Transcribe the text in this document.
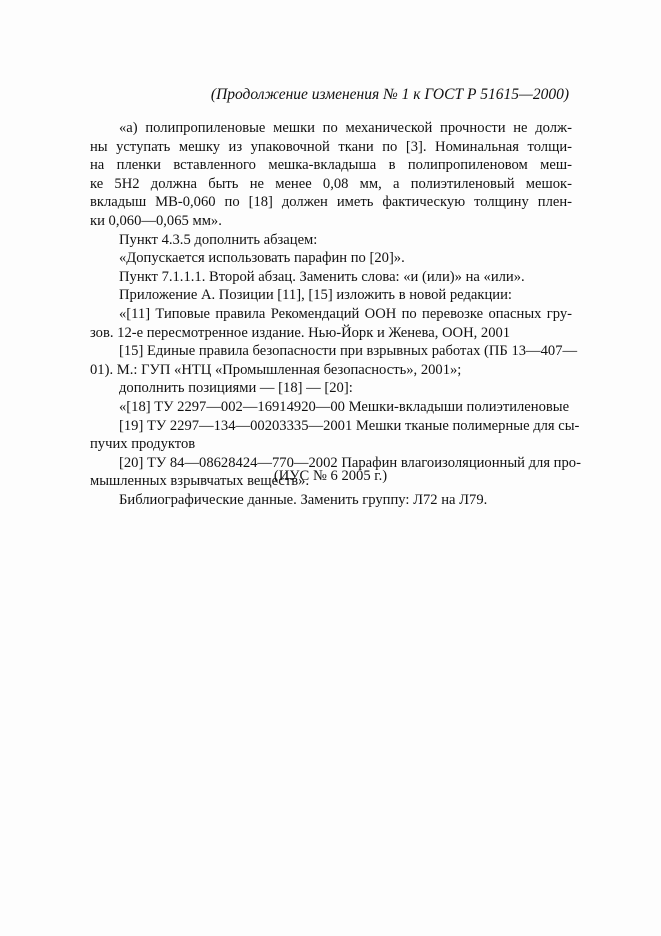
(Продолжение изменения № 1 к ГОСТ Р 51615—2000)
«а) полипропиленовые мешки по механической прочности не долж-
ны уступать мешку из упаковочной ткани по [3]. Номинальная толщи-
на пленки вставленного мешка-вкладыша в полипропиленовом меш-
ке 5Н2 должна быть не менее 0,08 мм, а полиэтиленовый мешок-
вкладыш МВ-0,060 по [18] должен иметь фактическую толщину плен-
ки 0,060—0,065 мм».
Пункт 4.3.5 дополнить абзацем:
«Допускается использовать парафин по [20]».
Пункт 7.1.1.1. Второй абзац. Заменить слова: «и (или)» на «или».
Приложение А. Позиции [11], [15] изложить в новой редакции:
«[11] Типовые правила Рекомендаций ООН по перевозке опасных гру-
зов. 12-е пересмотренное издание. Нью-Йорк и Женева, ООН, 2001
[15] Единые правила безопасности при взрывных работах (ПБ 13—407—
01). М.: ГУП «НТЦ «Промышленная безопасность», 2001»;
дополнить позициями — [18] — [20]:
«[18] ТУ 2297—002—16914920—00 Мешки-вкладыши полиэтиленовые
[19] ТУ 2297—134—00203335—2001 Мешки тканые полимерные для сы-
пучих продуктов
[20] ТУ 84—08628424—770—2002 Парафин влагоизоляционный для про-
мышленных взрывчатых веществ».
Библиографические данные. Заменить группу: Л72 на Л79.
(ИУС № 6 2005 г.)
